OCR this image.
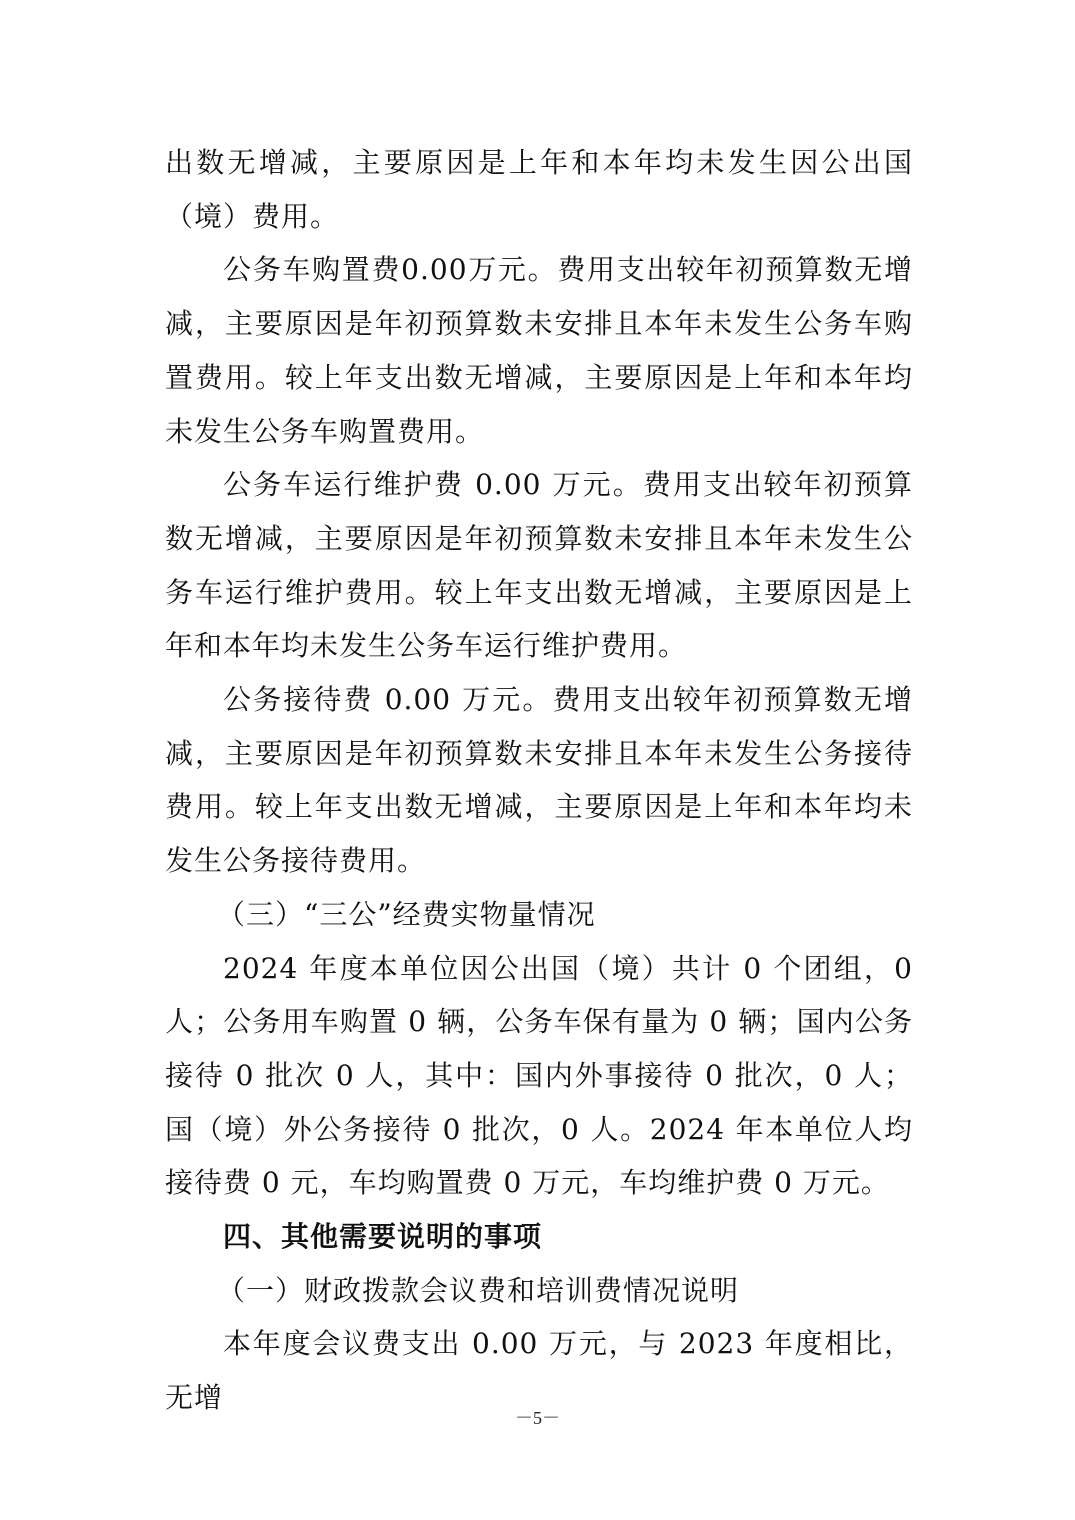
出数无增减，主要原因是上年和本年均未发生因公出国（境）费用。

公务车购置费0.00万元。费用支出较年初预算数无增减，主要原因是年初预算数未安排且本年未发生公务车购置费用。较上年支出数无增减，主要原因是上年和本年均未发生公务车购置费用。

公务车运行维护费 0.00 万元。费用支出较年初预算数无增减，主要原因是年初预算数未安排且本年未发生公务车运行维护费用。较上年支出数无增减，主要原因是上年和本年均未发生公务车运行维护费用。

公务接待费 0.00 万元。费用支出较年初预算数无增减，主要原因是年初预算数未安排且本年未发生公务接待费用。较上年支出数无增减，主要原因是上年和本年均未发生公务接待费用。

（三）“三公”经费实物量情况

2024 年度本单位因公出国（境）共计 0 个团组，0 人；公务用车购置 0 辆，公务车保有量为 0 辆；国内公务接待 0 批次 0 人，其中：国内外事接待 0 批次，0 人；国（境）外公务接待 0 批次，0 人。2024 年本单位人均接待费 0 元，车均购置费 0 万元，车均维护费 0 万元。

四、其他需要说明的事项

（一）财政拨款会议费和培训费情况说明

本年度会议费支出 0.00 万元，与 2023 年度相比，无增

－5－
